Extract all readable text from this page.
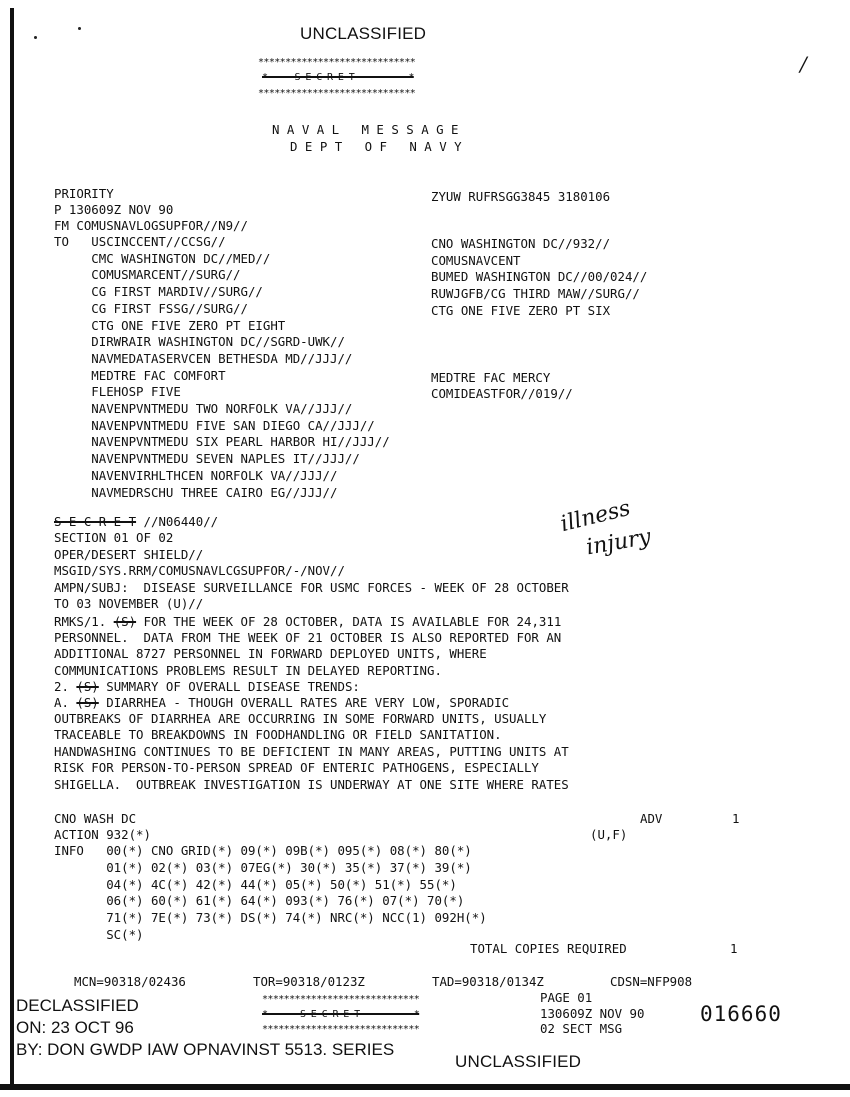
/
UNCLASSIFIED
*****************************
*     S E C R E T          *
*****************************
N A V A L   M E S S A G E
D E P T   O F   N A V Y
PRIORITY	ZYUW RUFRSGG3845 3180106
P 130609Z NOV 90
FM COMUSNAVLOGSUPFOR//N9//
TO   USCINCCENT//CCSG//
CMC WASHINGTON DC//MED//
COMUSMARCENT//SURG//
CG FIRST MARDIV//SURG//
CG FIRST FSSG//SURG//
CTG ONE FIVE ZERO PT EIGHT
DIRWRAIR WASHINGTON DC//SGRD-UWK//
NAVMEDATASERVCEN BETHESDA MD//JJJ//
MEDTRE FAC COMFORT
FLEHOSP FIVE
NAVENPVNTMEDU TWO NORFOLK VA//JJJ//
NAVENPVNTMEDU FIVE SAN DIEGO CA//JJJ//
NAVENPVNTMEDU SIX PEARL HARBOR HI//JJJ//
NAVENPVNTMEDU SEVEN NAPLES IT//JJJ//
NAVENVIRHLTHCEN NORFOLK VA//JJJ//
NAVMEDRSCHU THREE CAIRO EG//JJJ//
CNO WASHINGTON DC//932//
COMUSNAVCENT
BUMED WASHINGTON DC//00/024//
RUWJGFB/CG THIRD MAW//SURG//
CTG ONE FIVE ZERO PT SIX
MEDTRE FAC MERCY
COMIDEASTFOR//019//
S E C R E T //N06440//
SECTION 01 OF 02
OPER/DESERT SHIELD//
MSGID/SYS.RRM/COMUSNAVLCGSUPFOR/-/NOV//
AMPN/SUBJ:  DISEASE SURVEILLANCE FOR USMC FORCES - WEEK OF 28 OCTOBER
TO 03 NOVEMBER (U)//
RMKS/1. (S) FOR THE WEEK OF 28 OCTOBER, DATA IS AVAILABLE FOR 24,311
PERSONNEL.  DATA FROM THE WEEK OF 21 OCTOBER IS ALSO REPORTED FOR AN
ADDITIONAL 8727 PERSONNEL IN FORWARD DEPLOYED UNITS, WHERE
COMMUNICATIONS PROBLEMS RESULT IN DELAYED REPORTING.
2. (S) SUMMARY OF OVERALL DISEASE TRENDS:
A. (S) DIARRHEA - THOUGH OVERALL RATES ARE VERY LOW, SPORADIC
OUTBREAKS OF DIARRHEA ARE OCCURRING IN SOME FORWARD UNITS, USUALLY
TRACEABLE TO BREAKDOWNS IN FOODHANDLING OR FIELD SANITATION.
HANDWASHING CONTINUES TO BE DEFICIENT IN MANY AREAS, PUTTING UNITS AT
RISK FOR PERSON-TO-PERSON SPREAD OF ENTERIC PATHOGENS, ESPECIALLY
SHIGELLA.  OUTBREAK INVESTIGATION IS UNDERWAY AT ONE SITE WHERE RATES
illness
injury
CNO WASH DC	ADV	1
ACTION 932(*)	(U,F)
INFO   00(*) CNO GRID(*) 09(*) 09B(*) 095(*) 08(*) 80(*)
01(*) 02(*) 03(*) 07EG(*) 30(*) 35(*) 37(*) 39(*)
04(*) 4C(*) 42(*) 44(*) 05(*) 50(*) 51(*) 55(*)
06(*) 60(*) 61(*) 64(*) 093(*) 76(*) 07(*) 70(*)
71(*) 7E(*) 73(*) DS(*) 74(*) NRC(*) NCC(1) 092H(*)
SC(*)
TOTAL COPIES REQUIRED	1
MCN=90318/02436	TOR=90318/0123Z	TAD=90318/0134Z	CDSN=NFP908
*****************************
*      S E C R E T          *
*****************************
PAGE 01
130609Z NOV 90
02 SECT MSG
016660
DECLASSIFIED
ON: 23 OCT 96
BY: DON GWDP IAW OPNAVINST 5513. SERIES
UNCLASSIFIED
